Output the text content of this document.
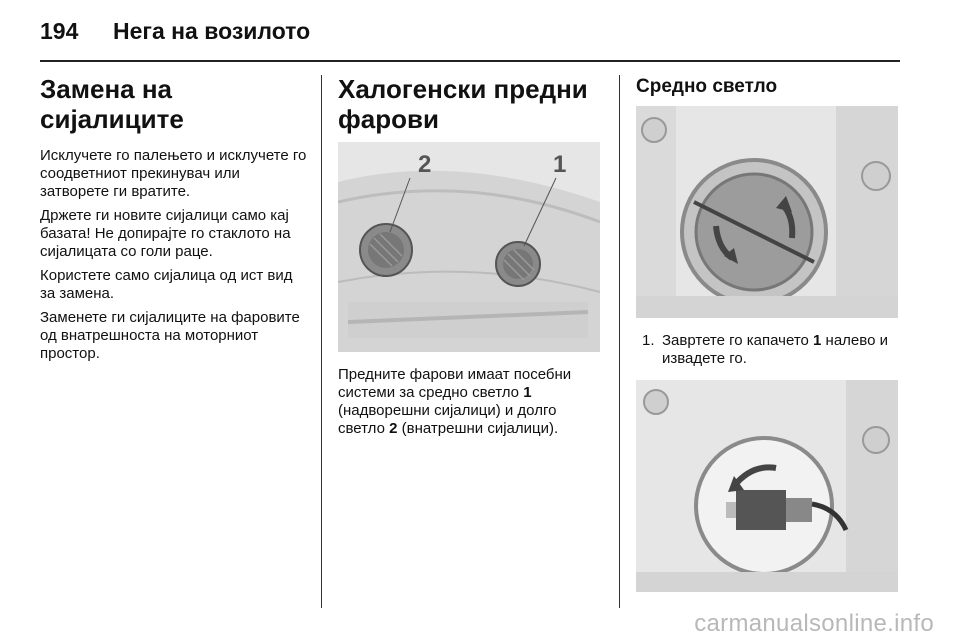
194 Нега на возилото
Замена на сијалиците

Исклучете го палењето и исклучете го соодветниот прекинувач или затворете ги вратите.

Држете ги новите сијалици само кај базата! Не допирајте го стаклото на сијалицата со голи раце.

Користете само сијалица од ист вид за замена.

Заменете ги сијалиците на фаровите од внатрешноста на моторниот простор.

Халогенски предни фарови
2	1

Предните фарови имаат посебни системи за средно светло 1 (надворешни сијалици) и долго светло 2 (внатрешни сијалици).

Средно светло
1. Завртете го капачето 1 налево и извадете го.
carmanualsonline.info
